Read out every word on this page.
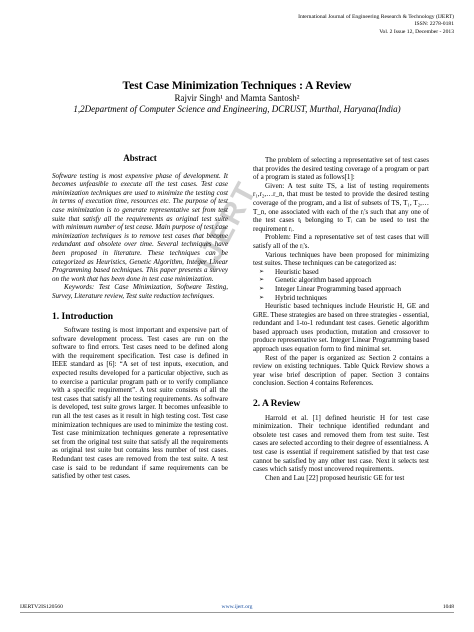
International Journal of Engineering Research & Technology (IJERT)
ISSN: 2278-0181
Vol. 2 Issue 12, December - 2013
IJERT
Test Case Minimization Techniques : A Review
Rajvir Singh¹ and Mamta Santosh²
1,2Department of Computer Science and Engineering, DCRUST, Murthal, Haryana(India)
Abstract

Software testing is most expensive phase of development. It becomes unfeasible to execute all the test cases. Test case minimization techniques are used to minimize the testing cost in terms of execution time, resources etc. The purpose of test case minimization is to generate representative set from test suite that satisfy all the requirements as original test suite with minimum number of test cease. Main purpose of test case minimization techniques is to remove test cases that become redundant and obsolete over time. Several techniques have been proposed in literature. These techniques can be categorized as Heuristics, Genetic Algorithm, Integer Linear Programming based techniques. This paper presents a survey on the work that has been done in test case minimization.

Keywords: Test Case Minimization, Software Testing, Survey, Literature review, Test suite reduction techniques.

1. Introduction

Software testing is most important and expensive part of software development process. Test cases are run on the software to find errors. Test cases need to be defined along with the requirement specification. Test case is defined in IEEE standard as [6]: “A set of test inputs, execution, and expected results developed for a particular objective, such as to exercise a particular program path or to verify compliance with a specific requirement”. A test suite consists of all the test cases that satisfy all the testing requirements. As software is developed, test suite grows larger. It becomes unfeasible to run all the test cases as it result in high testing cost. Test case minimization techniques are used to minimize the testing cost. Test case minimization techniques generate a representative set from the original test suite that satisfy all the requirements as original test suite but contains less number of test cases. Redundant test cases are removed from the test suite. A test case is said to be redundant if same requirements can be satisfied by other test cases.

The problem of selecting a representative set of test cases that provides the desired testing coverage of a program or part of a program is stated as follows[1]:

Given: A test suite TS, a list of testing requirements r₁,r₂,…r_n, that must be tested to provide the desired testing coverage of the program, and a list of subsets of TS, T₁, T₂,…T_n, one associated with each of the rᵢ's such that any one of the test cases tⱼ belonging to Tᵢ can be used to test the requirement rᵢ.

Problem: Find a representative set of test cases that will satisfy all of the rᵢ's.

Various techniques have been proposed for minimizing test suites. These techniques can be categorized as:

➢ Heuristic based
➢ Genetic algorithm based approach
➢ Integer Linear Programming based approach
➢ Hybrid techniques

Heuristic based techniques include Heuristic H, GE and GRE. These strategies are based on three strategies - essential, redundant and 1-to-1 redundant test cases. Genetic algorithm based approach uses production, mutation and crossover to produce representative set. Integer Linear Programming based approach uses equation form to find minimal set.

Rest of the paper is organized as: Section 2 contains a review on existing techniques. Table Quick Review shows a year wise brief description of paper. Section 3 contains conclusion. Section 4 contains References.

2. A Review

Harrold et al. [1] defined heuristic H for test case minimization. Their technique identified redundant and obsolete test cases and removed them from test suite. Test cases are selected according to their degree of essentialness. A test case is essential if requirement satisfied by that test case cannot be satisfied by any other test case. Next it selects test cases which satisfy most uncovered requirements.

Chen and Lau [22] proposed heuristic GE for test

IJERTV2IS120560	www.ijert.org	1048
